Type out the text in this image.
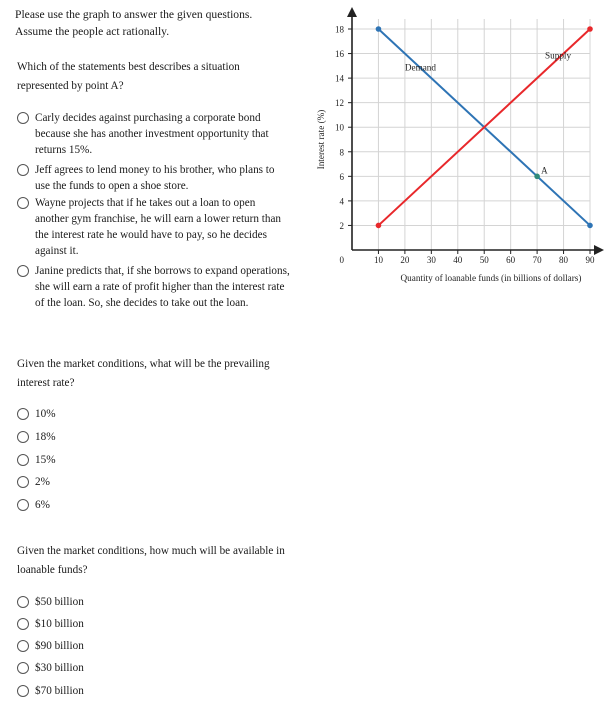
Please use the graph to answer the given questions.
Assume the people act rationally.
Which of the statements best describes a situation represented by point A?
Carly decides against purchasing a corporate bond because she has another investment opportunity that returns 15%.
Jeff agrees to lend money to his brother, who plans to use the funds to open a shoe store.
Wayne projects that if he takes out a loan to open another gym franchise, he will earn a lower return than the interest rate he would have to pay, so he decides against it.
Janine predicts that, if she borrows to expand operations, she will earn a rate of profit higher than the interest rate of the loan. So, she decides to take out the loan.
Given the market conditions, what will be the prevailing interest rate?
10%
18%
15%
2%
6%
Given the market conditions, how much will be available in loanable funds?
$50 billion
$10 billion
$90 billion
$30 billion
$70 billion
2
4
6
8
10
12
14
16
18
0	10 20 30 40 50 60 70 80 90
Quantity of loanable funds (in billions of dollars)
Interest rate (%)
Demand
Supply
A
